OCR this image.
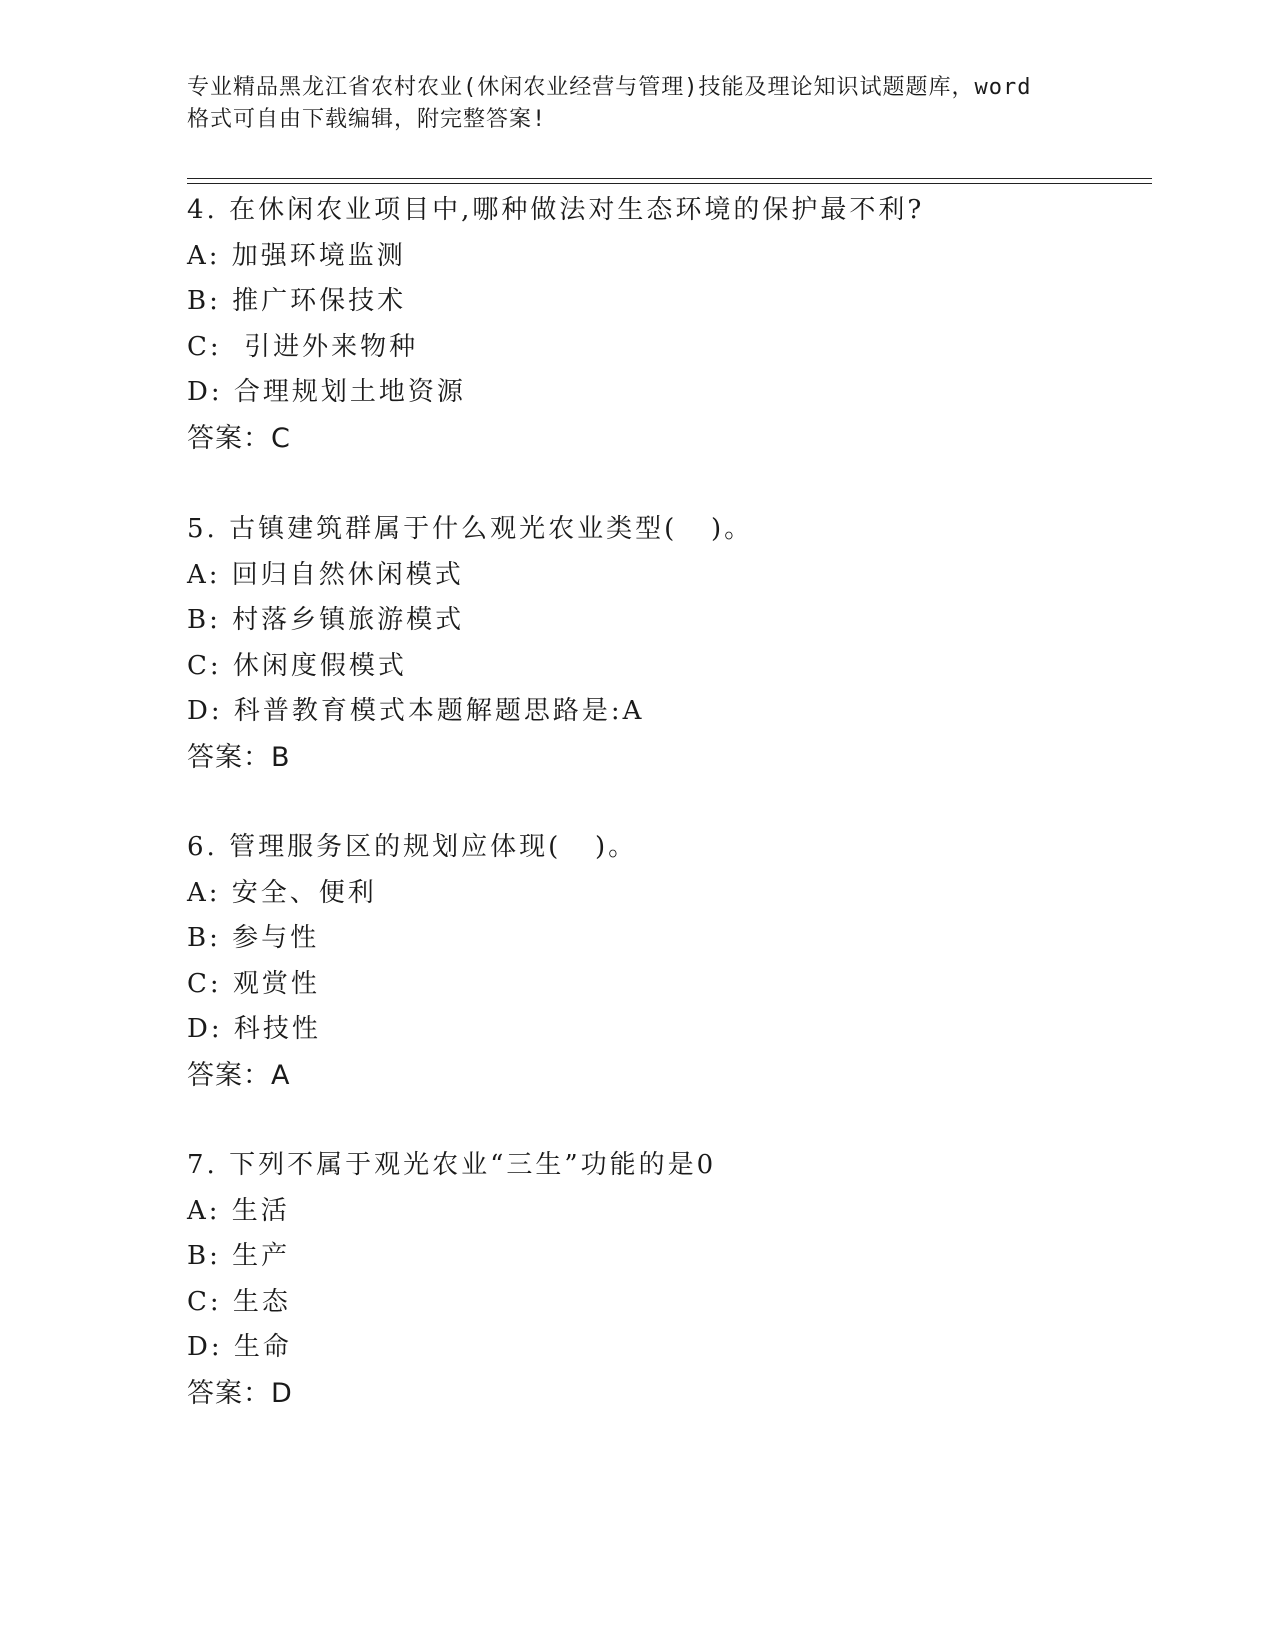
专业精品黑龙江省农村农业(休闲农业经营与管理)技能及理论知识试题题库，word
格式可自由下载编辑，附完整答案!
4. 在休闲农业项目中,哪种做法对生态环境的保护最不利?
A: 加强环境监测
B: 推广环保技术
C:  引进外来物种
D: 合理规划土地资源
答案：C
5. 古镇建筑群属于什么观光农业类型(   )。
A: 回归自然休闲模式
B: 村落乡镇旅游模式
C: 休闲度假模式
D: 科普教育模式本题解题思路是:A
答案：B
6. 管理服务区的规划应体现(   )。
A: 安全、便利
B: 参与性
C: 观赏性
D: 科技性
答案：A
7. 下列不属于观光农业“三生”功能的是0
A: 生活
B: 生产
C: 生态
D: 生命
答案：D
